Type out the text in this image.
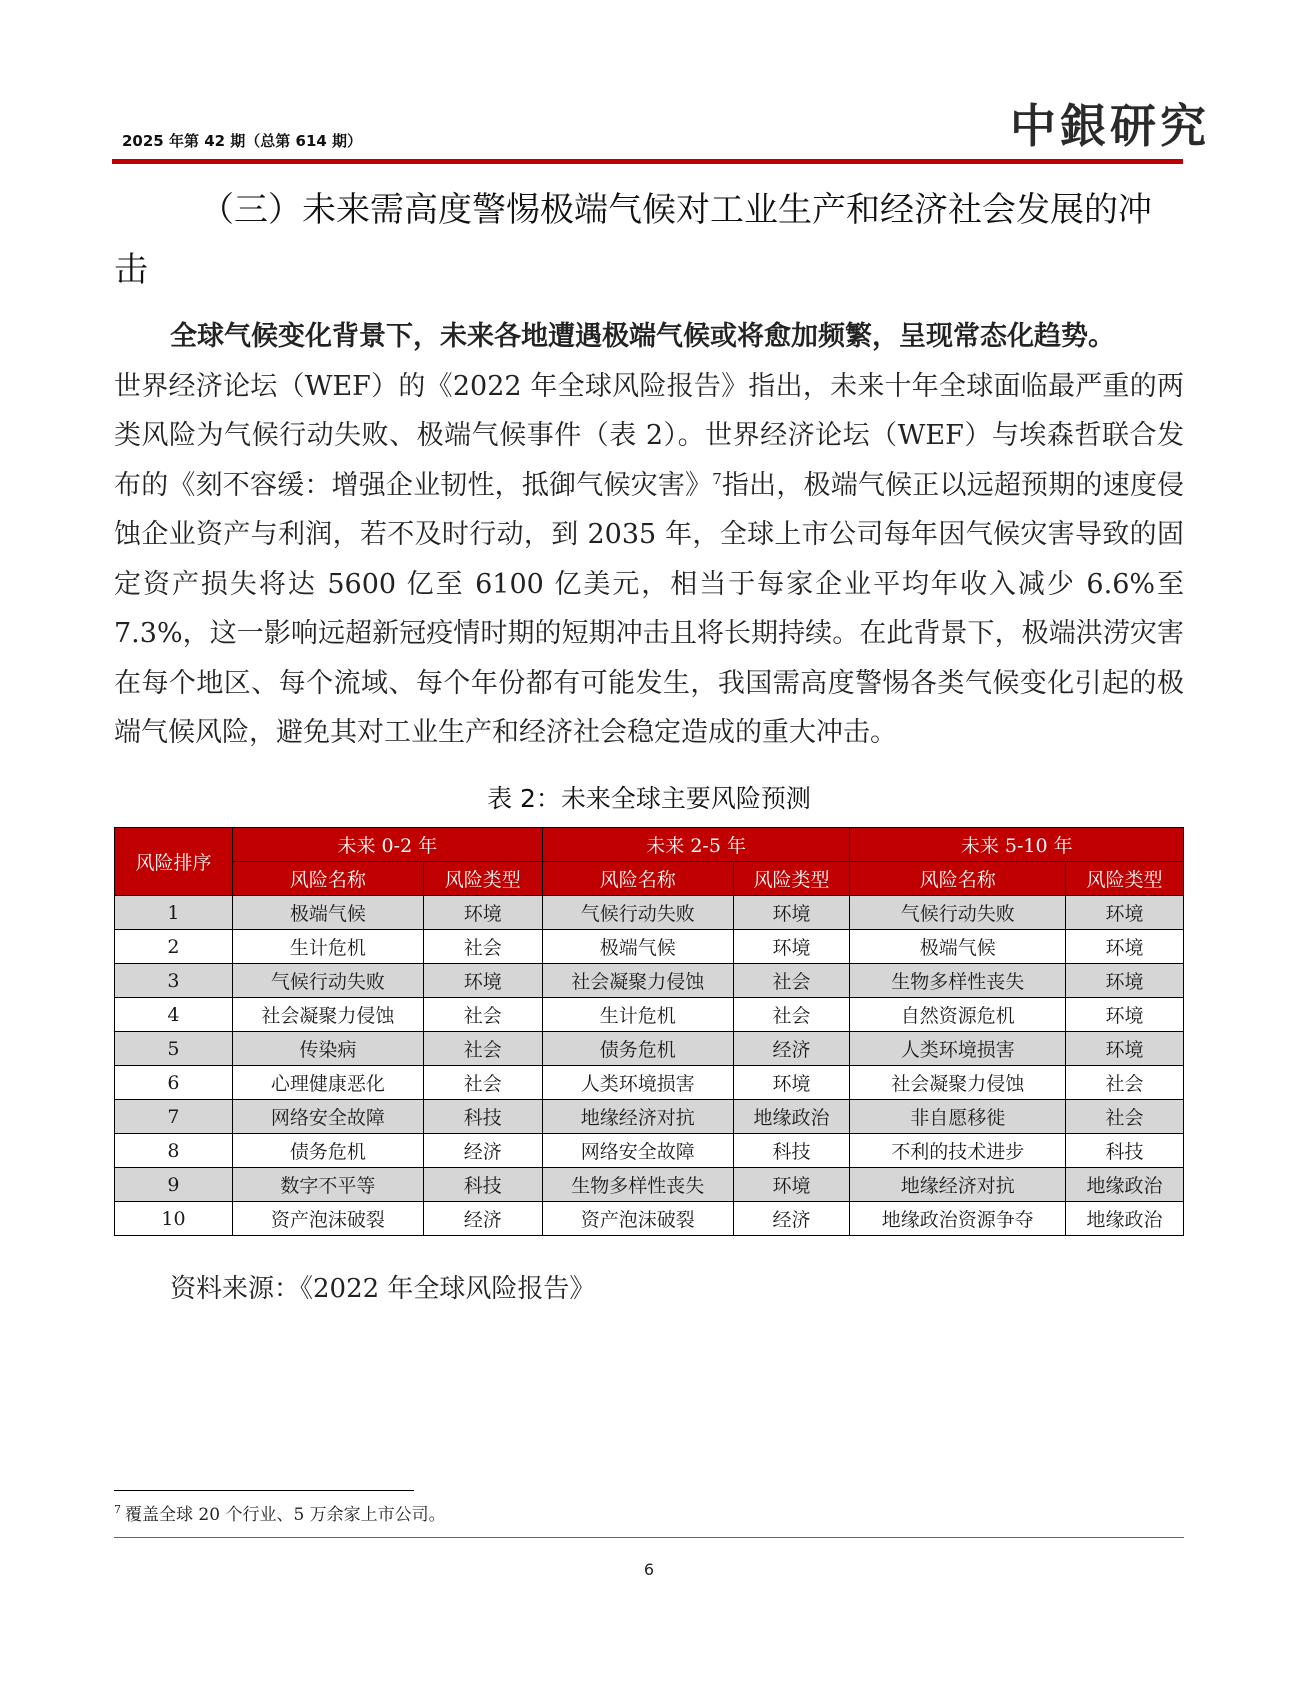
2025 年第 42 期（总第 614 期）	中銀研究
（三）未来需高度警惕极端气候对工业生产和经济社会发展的冲
击
全球气候变化背景下，未来各地遭遇极端气候或将愈加频繁，呈现常态化趋势。
世界经济论坛（WEF）的《2022 年全球风险报告》指出，未来十年全球面临最严重的两类风险为气候行动失败、极端气候事件（表 2）。世界经济论坛（WEF）与埃森哲联合发布的《刻不容缓：增强企业韧性，抵御气候灾害》$^7$指出，极端气候正以远超预期的速度侵蚀企业资产与利润，若不及时行动，到 2035 年，全球上市公司每年因气候灾害导致的固定资产损失将达 5600 亿至 6100 亿美元，相当于每家企业平均年收入减少 6.6%至 7.3%，这一影响远超新冠疫情时期的短期冲击且将长期持续。在此背景下，极端洪涝灾害在每个地区、每个流域、每个年份都有可能发生，我国需高度警惕各类气候变化引起的极端气候风险，避免其对工业生产和经济社会稳定造成的重大冲击。
表 2：未来全球主要风险预测
风险排序	未来 0-2 年		未来 2-5 年		未来 5-10 年	
	风险名称	风险类型	风险名称	风险类型	风险名称	风险类型
1	极端气候	环境	气候行动失败	环境	气候行动失败	环境
2	生计危机	社会	极端气候	环境	极端气候	环境
3	气候行动失败	环境	社会凝聚力侵蚀	社会	生物多样性丧失	环境
4	社会凝聚力侵蚀	社会	生计危机	社会	自然资源危机	环境
5	传染病	社会	债务危机	经济	人类环境损害	环境
6	心理健康恶化	社会	人类环境损害	环境	社会凝聚力侵蚀	社会
7	网络安全故障	科技	地缘经济对抗	地缘政治	非自愿移徙	社会
8	债务危机	经济	网络安全故障	科技	不利的技术进步	科技
9	数字不平等	科技	生物多样性丧失	环境	地缘经济对抗	地缘政治
10	资产泡沫破裂	经济	资产泡沫破裂	经济	地缘政治资源争夺	地缘政治
资料来源：《2022 年全球风险报告》
$^7$ 覆盖全球 20 个行业、5 万余家上市公司。
6
